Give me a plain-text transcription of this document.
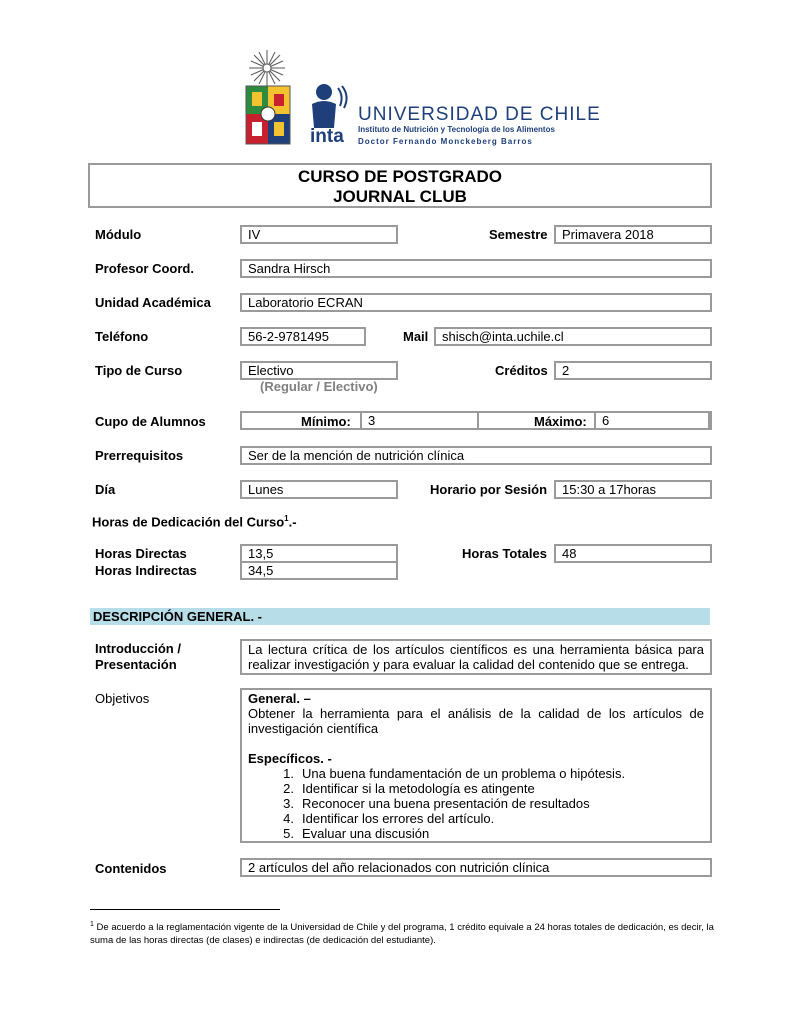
inta
UNIVERSIDAD DE CHILE
Instituto de Nutrición y Tecnología de los Alimentos
Doctor Fernando Monckeberg Barros
CURSO DE POSTGRADO
JOURNAL CLUB
Módulo	IV	Semestre	Primavera 2018
Profesor Coord.	Sandra Hirsch
Unidad Académica	Laboratorio ECRAN
Teléfono	56-2-9781495	Mail	shisch@inta.uchile.cl
Tipo de Curso	Electivo
(Regular / Electivo)
Créditos	2
Cupo de Alumnos	Mínimo:	3	Máximo:	6
Prerrequisitos	Ser de la mención de nutrición clínica
Día	Lunes	Horario por Sesión	15:30 a 17horas
Horas de Dedicación del Curso$^1$.-
Horas Directas	13,5
Horas Indirectas	34,5
Horas Totales	48
DESCRIPCIÓN GENERAL. -
Introducción /
Presentación
La lectura crítica de los artículos científicos es una herramienta básica para realizar investigación y para evaluar la calidad del contenido que se entrega.
Objetivos	General. –
Obtener la herramienta para el análisis de la calidad de los artículos de investigación científica
Específicos. -
1. Una buena fundamentación de un problema o hipótesis.
2. Identificar si la metodología es atingente
3. Reconocer una buena presentación de resultados
4. Identificar los errores del artículo.
5. Evaluar una discusión
Contenidos	2 artículos del año relacionados con nutrición clínica
$^1$ De acuerdo a la reglamentación vigente de la Universidad de Chile y del programa, 1 crédito equivale a 24 horas totales de dedicación, es decir, la suma de las horas directas (de clases) e indirectas (de dedicación del estudiante).
